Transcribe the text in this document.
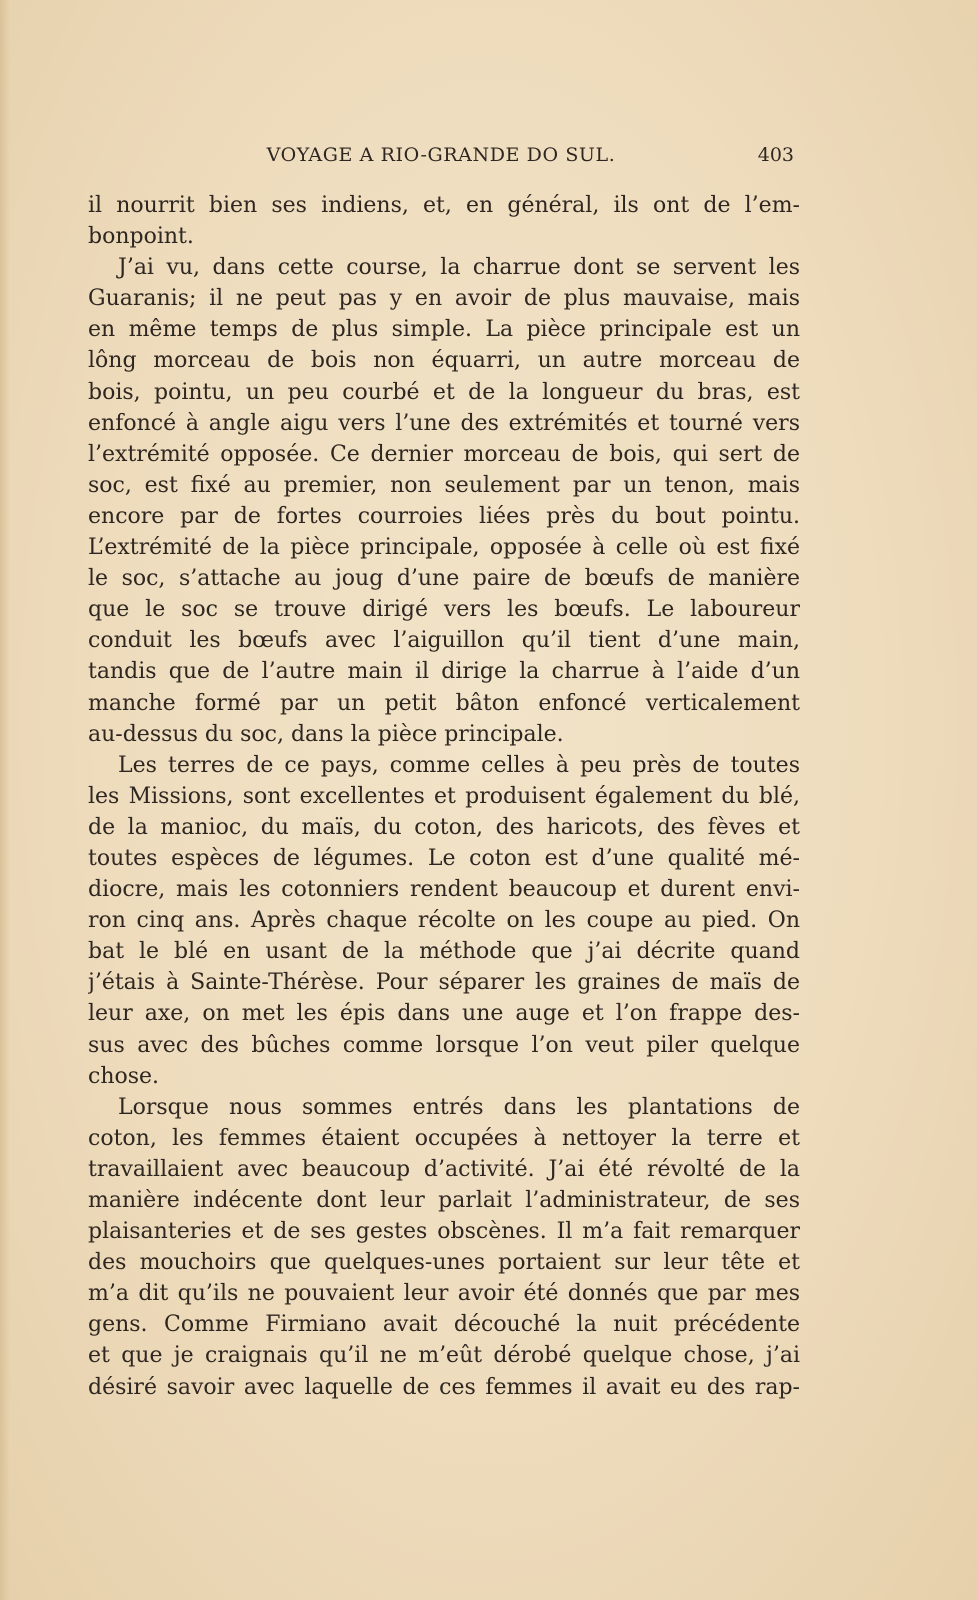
VOYAGE A RIO-GRANDE DO SUL.	403
il nourrit bien ses indiens, et, en général, ils ont de l’em-
bonpoint.
J’ai vu, dans cette course, la charrue dont se servent les
Guaranis; il ne peut pas y en avoir de plus mauvaise, mais
en même temps de plus simple. La pièce principale est un
lông morceau de bois non équarri, un autre morceau de
bois, pointu, un peu courbé et de la longueur du bras, est
enfoncé à angle aigu vers l’une des extrémités et tourné vers
l’extrémité opposée. Ce dernier morceau de bois, qui sert de
soc, est fixé au premier, non seulement par un tenon, mais
encore par de fortes courroies liées près du bout pointu.
L’extrémité de la pièce principale, opposée à celle où est fixé
le soc, s’attache au joug d’une paire de bœufs de manière
que le soc se trouve dirigé vers les bœufs. Le laboureur
conduit les bœufs avec l’aiguillon qu’il tient d’une main,
tandis que de l’autre main il dirige la charrue à l’aide d’un
manche formé par un petit bâton enfoncé verticalement
au-dessus du soc, dans la pièce principale.
Les terres de ce pays, comme celles à peu près de toutes
les Missions, sont excellentes et produisent également du blé,
de la manioc, du maïs, du coton, des haricots, des fèves et
toutes espèces de légumes. Le coton est d’une qualité mé-
diocre, mais les cotonniers rendent beaucoup et durent envi-
ron cinq ans. Après chaque récolte on les coupe au pied. On
bat le blé en usant de la méthode que j’ai décrite quand
j’étais à Sainte-Thérèse. Pour séparer les graines de maïs de
leur axe, on met les épis dans une auge et l’on frappe des-
sus avec des bûches comme lorsque l’on veut piler quelque
chose.
Lorsque nous sommes entrés dans les plantations de
coton, les femmes étaient occupées à nettoyer la terre et
travaillaient avec beaucoup d’activité. J’ai été révolté de la
manière indécente dont leur parlait l’administrateur, de ses
plaisanteries et de ses gestes obscènes. Il m’a fait remarquer
des mouchoirs que quelques-unes portaient sur leur tête et
m’a dit qu’ils ne pouvaient leur avoir été donnés que par mes
gens. Comme Firmiano avait découché la nuit précédente
et que je craignais qu’il ne m’eût dérobé quelque chose, j’ai
désiré savoir avec laquelle de ces femmes il avait eu des rap-
